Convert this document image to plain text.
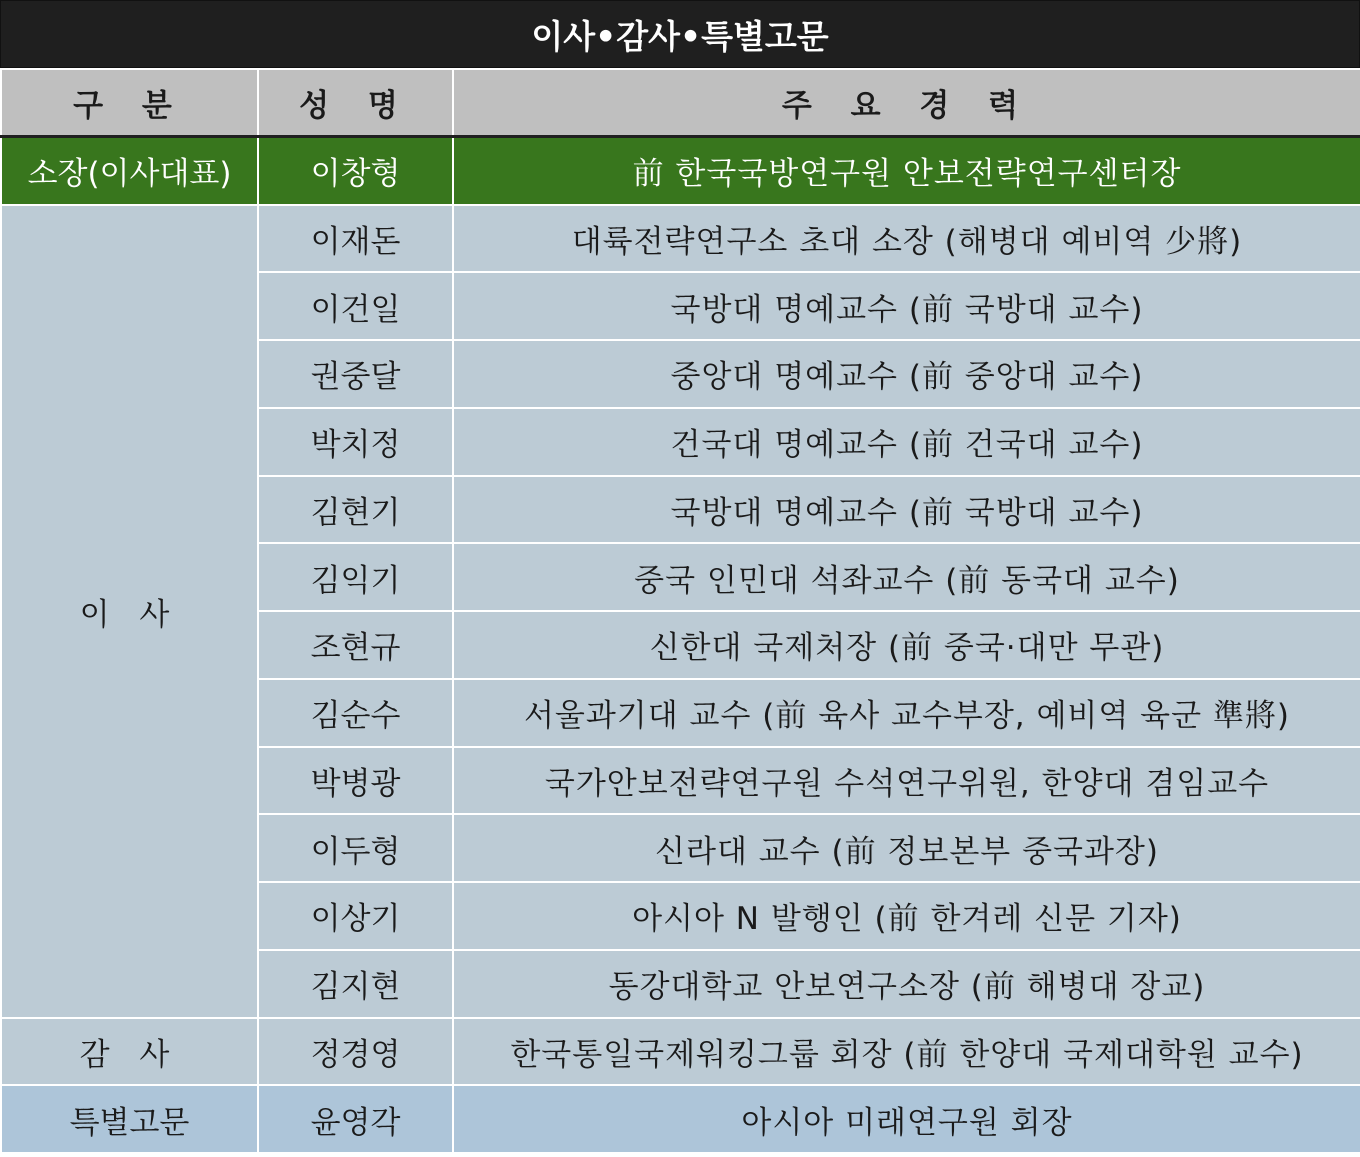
이사•감사•특별고문
구 분	성 명	주 요 경 력
소장(이사대표)	이창형	前 한국국방연구원 안보전략연구센터장
이 사	이재돈	대륙전략연구소 초대 소장 (해병대 예비역 少將)
	이건일	국방대 명예교수 (前 국방대 교수)
	권중달	중앙대 명예교수 (前 중앙대 교수)
	박치정	건국대 명예교수 (前 건국대 교수)
	김현기	국방대 명예교수 (前 국방대 교수)
	김익기	중국 인민대 석좌교수 (前 동국대 교수)
	조현규	신한대 국제처장 (前 중국·대만 무관)
	김순수	서울과기대 교수 (前 육사 교수부장, 예비역 육군 準將)
	박병광	국가안보전략연구원 수석연구위원, 한양대 겸임교수
	이두형	신라대 교수 (前 정보본부 중국과장)
	이상기	아시아 N 발행인 (前 한겨레 신문 기자)
	김지현	동강대학교 안보연구소장 (前 해병대 장교)
감 사	정경영	한국통일국제워킹그룹 회장 (前 한양대 국제대학원 교수)
특별고문	윤영각	아시아 미래연구원 회장
